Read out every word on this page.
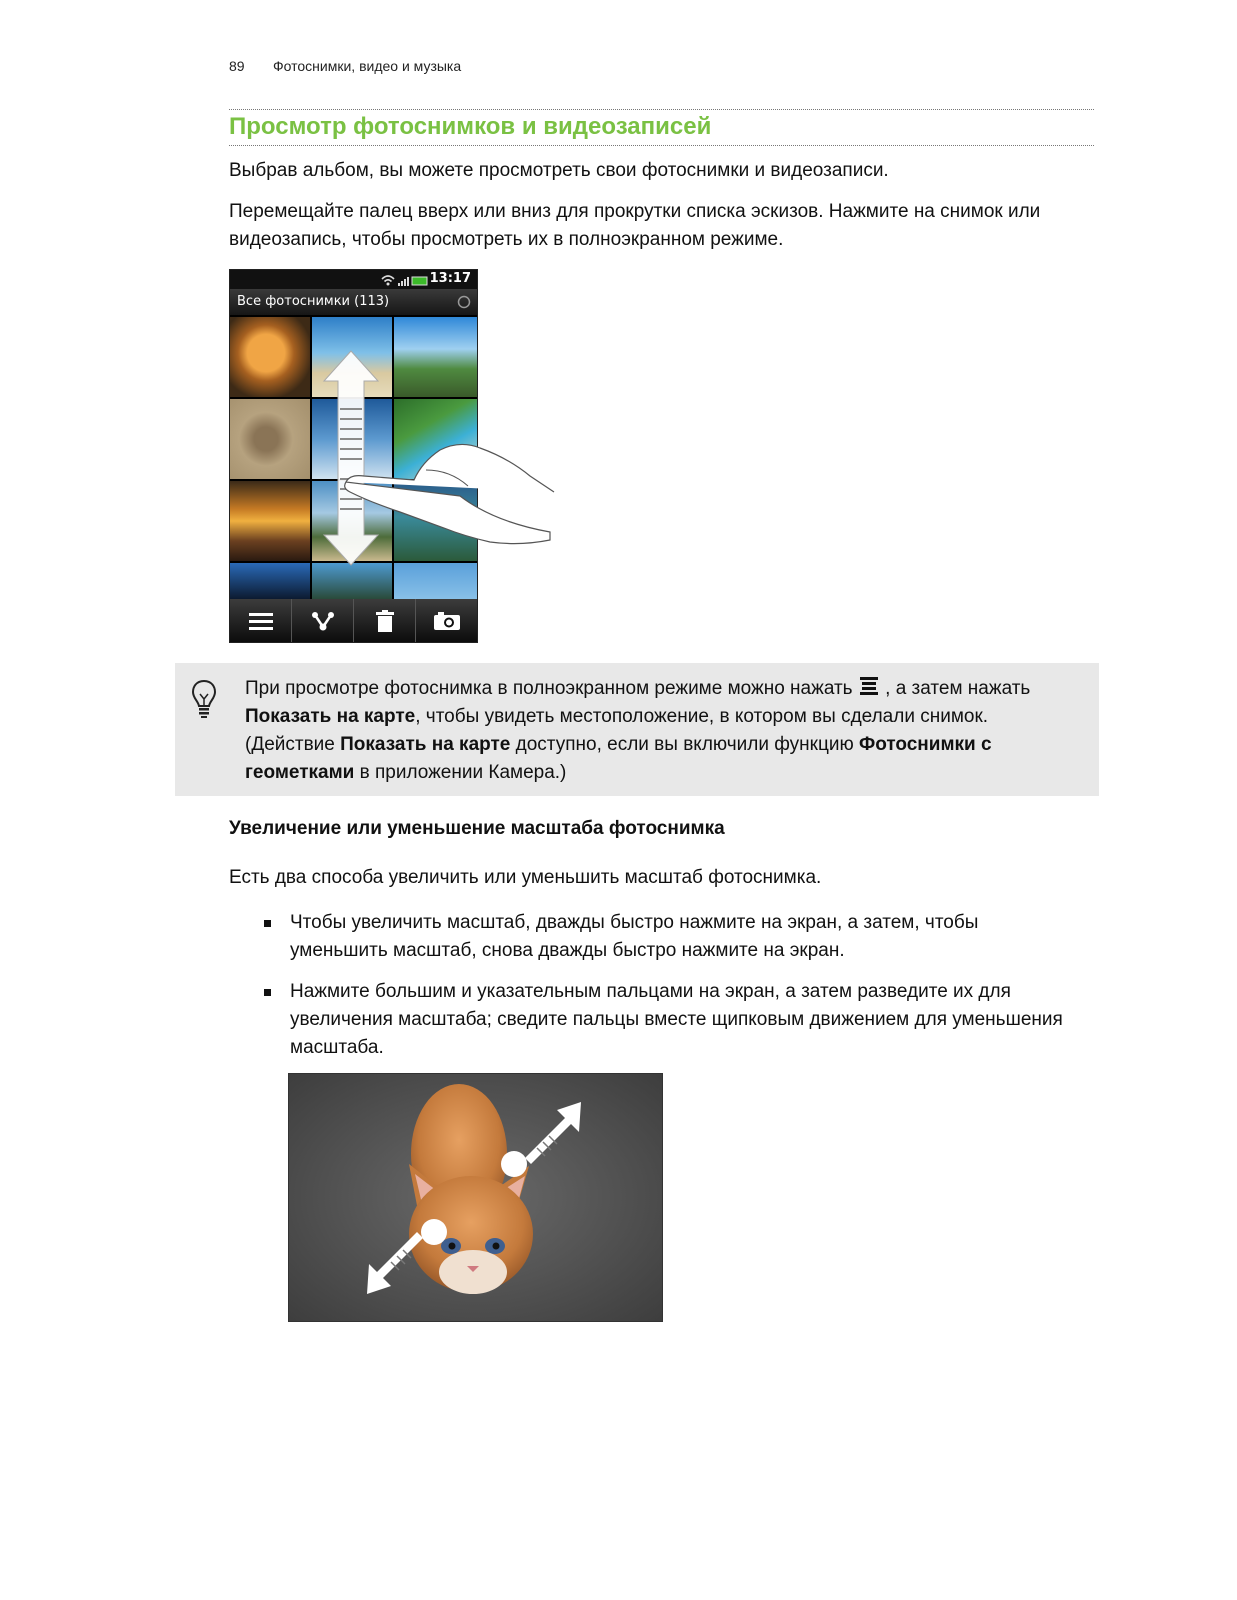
89 Фотоснимки, видео и музыка
Просмотр фотоснимков и видеозаписей
Выбрав альбом, вы можете просмотреть свои фотоснимки и видеозаписи.
Перемещайте палец вверх или вниз для прокрутки списка эскизов. Нажмите на снимок или видеозапись, чтобы просмотреть их в полноэкранном режиме.
13:17
Все фотоснимки (113)
При просмотре фотоснимка в полноэкранном режиме можно нажать  , а затем нажать Показать на карте, чтобы увидеть местоположение, в котором вы сделали снимок. (Действие Показать на карте доступно, если вы включили функцию Фотоснимки с геометками в приложении Камера.)
Увеличение или уменьшение масштаба фотоснимка
Есть два способа увеличить или уменьшить масштаб фотоснимка.
Чтобы увеличить масштаб, дважды быстро нажмите на экран, а затем, чтобы уменьшить масштаб, снова дважды быстро нажмите на экран.
Нажмите большим и указательным пальцами на экран, а затем разведите их для увеличения масштаба; сведите пальцы вместе щипковым движением для уменьшения масштаба.
